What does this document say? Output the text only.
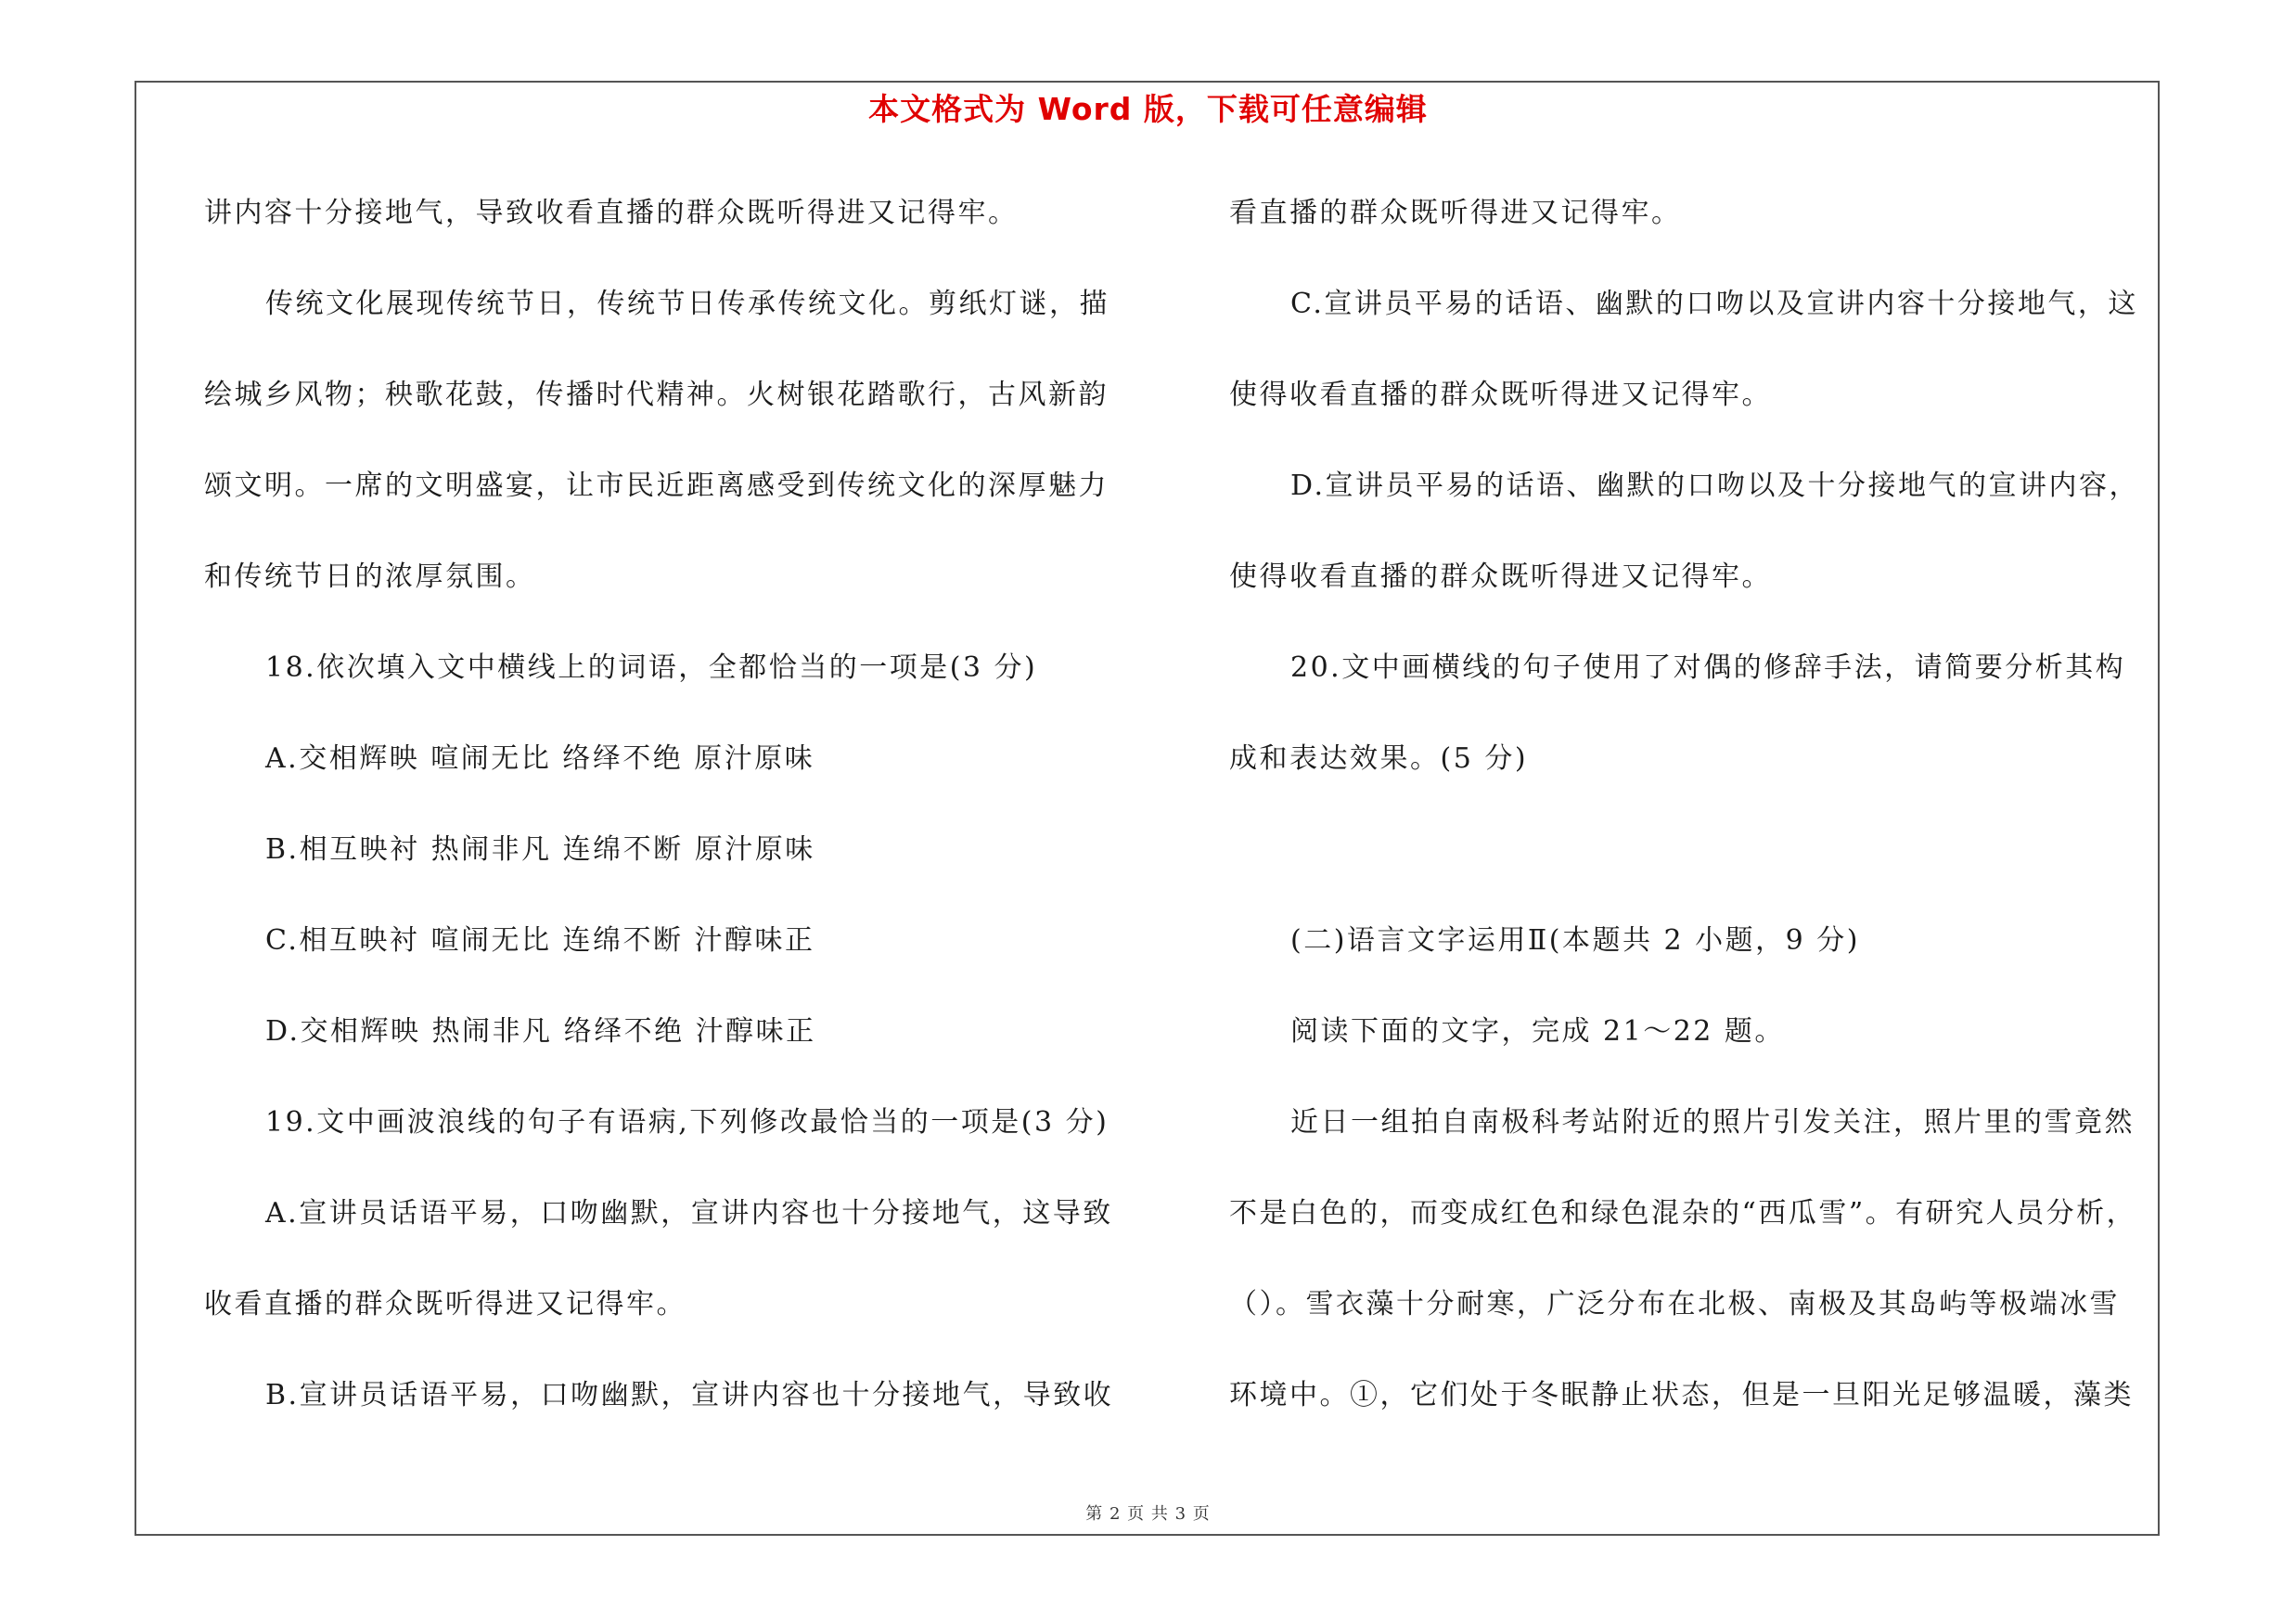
本文格式为 Word 版，下载可任意编辑
讲内容十分接地气，导致收看直播的群众既听得进又记得牢。
传统文化展现传统节日，传统节日传承传统文化。剪纸灯谜，描
绘城乡风物；秧歌花鼓，传播时代精神。火树银花踏歌行，古风新韵
颂文明。一席的文明盛宴，让市民近距离感受到传统文化的深厚魅力
和传统节日的浓厚氛围。
18.依次填入文中横线上的词语，全都恰当的一项是(3 分)
A.交相辉映 喧闹无比 络绎不绝 原汁原味
B.相互映衬 热闹非凡 连绵不断 原汁原味
C.相互映衬 喧闹无比 连绵不断 汁醇味正
D.交相辉映 热闹非凡 络绎不绝 汁醇味正
19.文中画波浪线的句子有语病,下列修改最恰当的一项是(3 分)
A.宣讲员话语平易，口吻幽默，宣讲内容也十分接地气，这导致
收看直播的群众既听得进又记得牢。
B.宣讲员话语平易，口吻幽默，宣讲内容也十分接地气，导致收
看直播的群众既听得进又记得牢。
C.宣讲员平易的话语、幽默的口吻以及宣讲内容十分接地气，这
使得收看直播的群众既听得进又记得牢。
D.宣讲员平易的话语、幽默的口吻以及十分接地气的宣讲内容，
使得收看直播的群众既听得进又记得牢。
20.文中画横线的句子使用了对偶的修辞手法，请简要分析其构
成和表达效果。(5 分)
(二)语言文字运用Ⅱ(本题共 2 小题，9 分)
阅读下面的文字，完成 21～22 题。
近日一组拍自南极科考站附近的照片引发关注，照片里的雪竟然
不是白色的，而变成红色和绿色混杂的“西瓜雪”。有研究人员分析，
（）。雪衣藻十分耐寒，广泛分布在北极、南极及其岛屿等极端冰雪
环境中。①，它们处于冬眠静止状态，但是一旦阳光足够温暖，藻类
第 2 页 共 3 页
